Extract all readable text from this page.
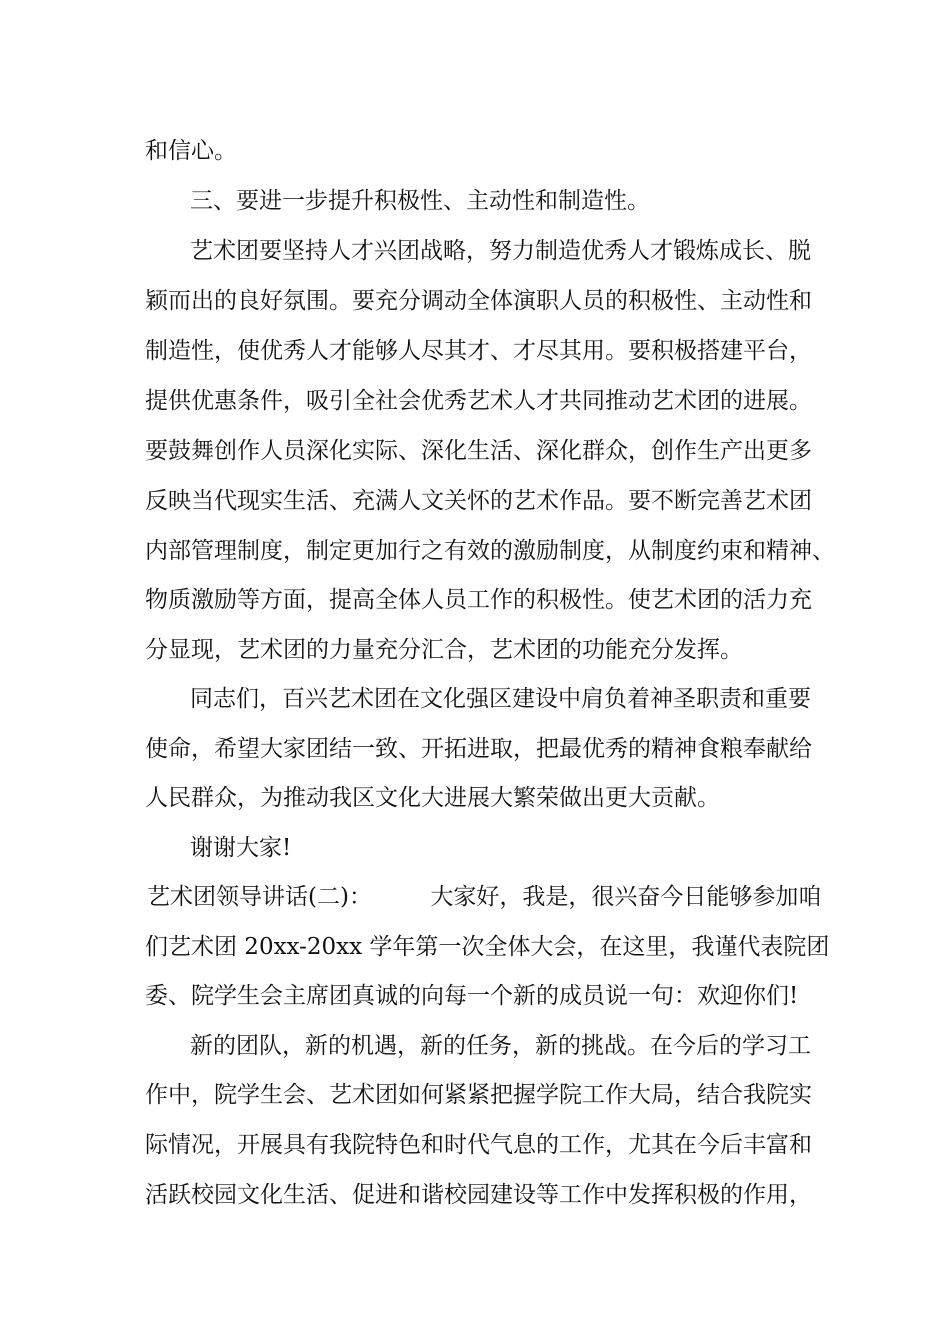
和信心。
三、要进一步提升积极性、主动性和制造性。
艺术团要坚持人才兴团战略，努力制造优秀人才锻炼成长、脱
颖而出的良好氛围。要充分调动全体演职人员的积极性、主动性和
制造性，使优秀人才能够人尽其才、才尽其用。要积极搭建平台，
提供优惠条件，吸引全社会优秀艺术人才共同推动艺术团的进展。
要鼓舞创作人员深化实际、深化生活、深化群众，创作生产出更多
反映当代现实生活、充满人文关怀的艺术作品。要不断完善艺术团
内部管理制度，制定更加行之有效的激励制度，从制度约束和精神、
物质激励等方面，提高全体人员工作的积极性。使艺术团的活力充
分显现，艺术团的力量充分汇合，艺术团的功能充分发挥。
同志们，百兴艺术团在文化强区建设中肩负着神圣职责和重要
使命，希望大家团结一致、开拓进取，把最优秀的精神食粮奉献给
人民群众，为推动我区文化大进展大繁荣做出更大贡献。
谢谢大家!
艺术团领导讲话(二)：        大家好，我是，很兴奋今日能够参加咱
们艺术团 20xx-20xx 学年第一次全体大会，在这里，我谨代表院团
委、院学生会主席团真诚的向每一个新的成员说一句：欢迎你们!
新的团队，新的机遇，新的任务，新的挑战。在今后的学习工
作中，院学生会、艺术团如何紧紧把握学院工作大局，结合我院实
际情况，开展具有我院特色和时代气息的工作，尤其在今后丰富和
活跃校园文化生活、促进和谐校园建设等工作中发挥积极的作用，
